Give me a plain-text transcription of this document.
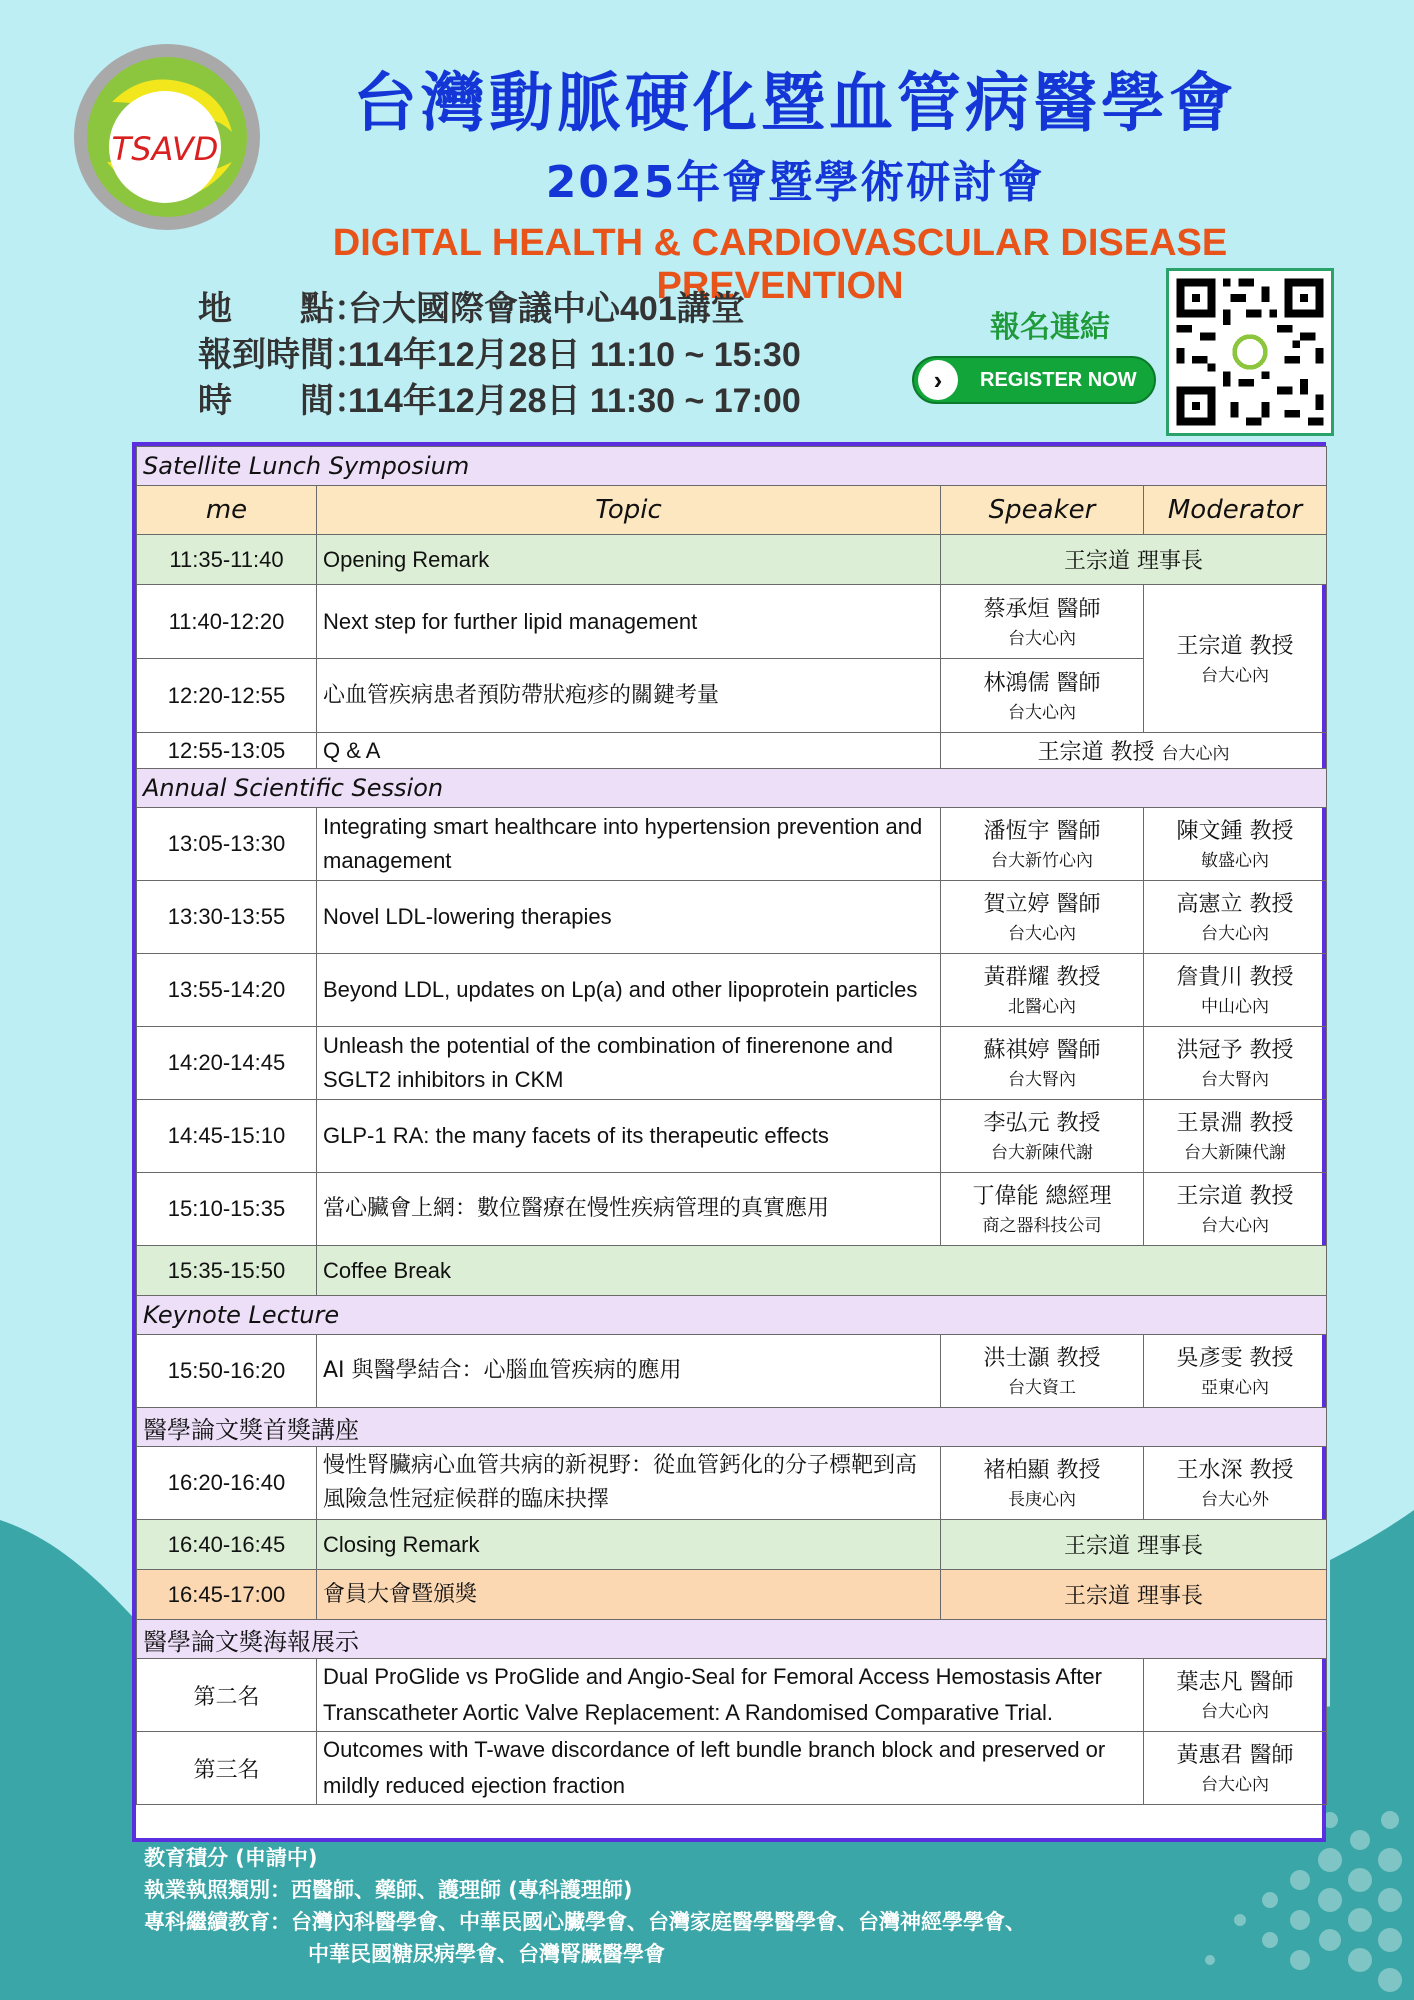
TSAVD
台灣動脈硬化暨血管病醫學會
2025年會暨學術研討會
DIGITAL HEALTH & CARDIOVASCULAR DISEASE PREVENTION
地　　點：
台大國際會議中心401講堂
報到時間：
114年12月28日 11:10 ~ 15:30
時　　間：
114年12月28日 11:30 ~ 17:00
報名連結
›	REGISTER NOW
Satellite Lunch Symposium			
me	Topic	Speaker	Moderator
11:35-11:40	Opening Remark	王宗道 理事長	
11:40-12:20	Next step for further lipid management	蔡承烜 醫師
台大心內	王宗道 教授
台大心內

12:20-12:55	心血管疾病患者預防帶狀疱疹的關鍵考量	林鴻儒 醫師
台大心內	

12:55-13:05	Q & A	王宗道 教授 台大心內	
Annual Scientific Session			
13:05-13:30	Integrating smart healthcare into hypertension prevention and management	潘恆宇 醫師
台大新竹心內	陳文鍾 教授
敏盛心內

13:30-13:55	Novel LDL-lowering therapies	賀立婷 醫師
台大心內	高憲立 教授
台大心內

13:55-14:20	Beyond LDL, updates on Lp(a) and other lipoprotein particles	黃群耀 教授
北醫心內	詹貴川 教授
中山心內

14:20-14:45	Unleash the potential of the combination of finerenone and SGLT2 inhibitors in CKM	蘇祺婷 醫師
台大腎內	洪冠予 教授
台大腎內

14:45-15:10	GLP-1 RA: the many facets of its therapeutic effects	李弘元 教授
台大新陳代謝	王景淵 教授
台大新陳代謝

15:10-15:35	當心臟會上網：數位醫療在慢性疾病管理的真實應用	丁偉能 總經理
商之器科技公司	王宗道 教授
台大心內

15:35-15:50	Coffee Break		
Keynote Lecture			
15:50-16:20	AI 與醫學結合：心腦血管疾病的應用	洪士灝 教授
台大資工	吳彥雯 教授
亞東心內

醫學論文獎首獎講座			
16:20-16:40	慢性腎臟病心血管共病的新視野：從血管鈣化的分子標靶到高風險急性冠症候群的臨床抉擇	褚柏顯 教授
長庚心內	王水深 教授
台大心外

16:40-16:45	Closing Remark	王宗道 理事長	
16:45-17:00	會員大會暨頒獎	王宗道 理事長	
醫學論文獎海報展示			
第二名	Dual ProGlide vs ProGlide and Angio-Seal for Femoral Access Hemostasis After Transcatheter Aortic Valve Replacement: A Randomised Comparative Trial.		葉志凡 醫師
台大心內

第三名	Outcomes with T-wave discordance of left bundle branch block and preserved or mildly reduced ejection fraction		黃惠君 醫師
台大心內
教育積分 (申請中)
執業執照類別：西醫師、藥師、護理師 (專科護理師)
專科繼續教育：台灣內科醫學會、中華民國心臟學會、台灣家庭醫學醫學會、台灣神經學學會、
中華民國糖尿病學會、台灣腎臟醫學會
